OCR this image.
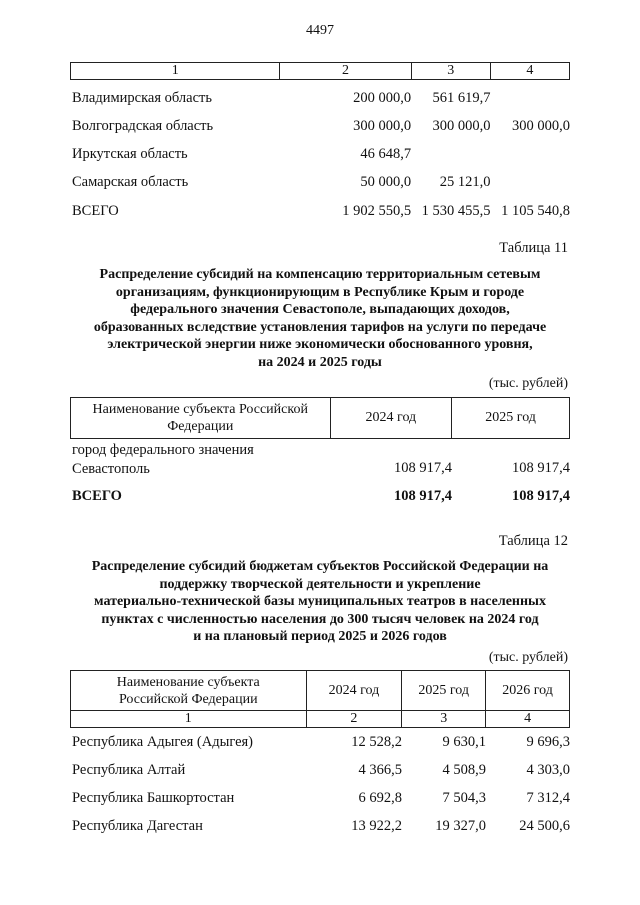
4497
1	2	3	4
Владимирская область	200 000,0	561 619,7	
Волгоградская область	300 000,0	300 000,0	300 000,0
Иркутская область	46 648,7		
Самарская область	50 000,0	25 121,0	
ВСЕГО	1 902 550,5	1 530 455,5	1 105 540,8
Таблица 11
Распределение субсидий на компенсацию территориальным сетевым
организациям, функционирующим в Республике Крым и городе
федерального значения Севастополе, выпадающих доходов,
образованных вследствие установления тарифов на услуги по передаче
электрической энергии ниже экономически обоснованного уровня,
на 2024 и 2025 годы
(тыс. рублей)
Наименование субъекта Российской
Федерации
	2024 год	2025 год
город федерального значения
Севастополь	108 917,4	108 917,4
ВСЕГО	108 917,4	108 917,4
Таблица 12
Распределение субсидий бюджетам субъектов Российской Федерации на
поддержку творческой деятельности и укрепление
материально-технической базы муниципальных театров в населенных
пунктах с численностью населения до 300 тысяч человек на 2024 год
и на плановый период 2025 и 2026 годов
(тыс. рублей)
Наименование субъекта
Российской Федерации	2024 год	2025 год	2026 год
1	2	3	4
Республика Адыгея (Адыгея)	12 528,2	9 630,1	9 696,3
Республика Алтай	4 366,5	4 508,9	4 303,0
Республика Башкортостан	6 692,8	7 504,3	7 312,4
Республика Дагестан	13 922,2	19 327,0	24 500,6
